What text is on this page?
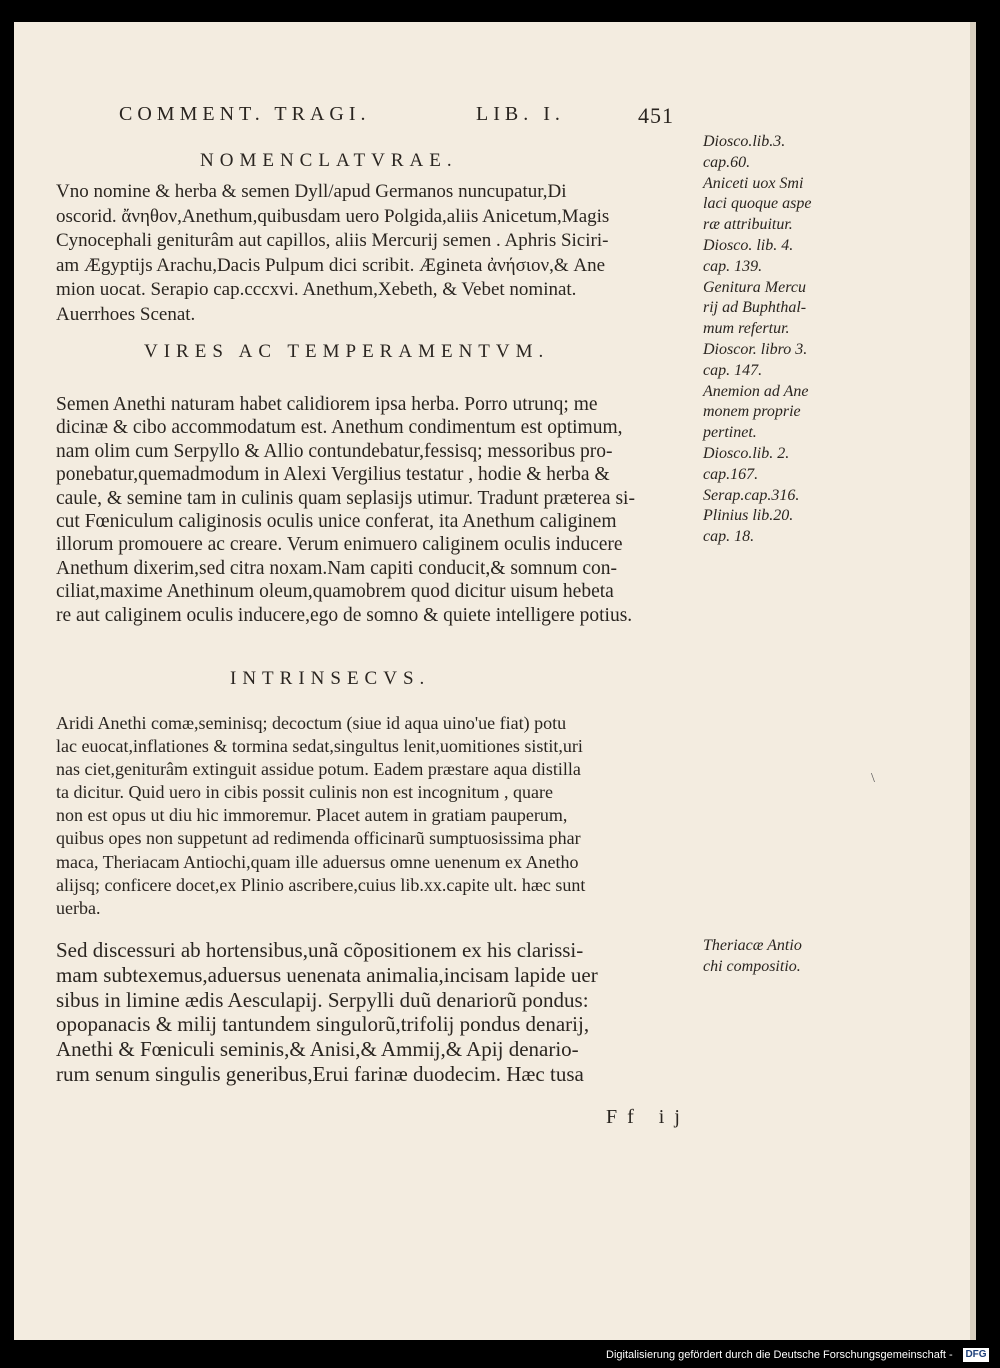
COMMENT. TRAGI.	LIB. I.	451
NOMENCLATVRAE.
Vno nomine & herba & semen Dyll/apud Germanos nuncupatur,Di
oscorid. ἄνηθον,Anethum,quibusdam uero Polgida,aliis Anicetum,Magis
Cynocephali geniturâm aut capillos, aliis Mercurij semen . Aphris Siciri-
am Ægyptijs Arachu,Dacis Pulpum dici scribit. Ægineta ἀνήσιον,& Ane
mion uocat. Serapio cap.cccxvi. Anethum,Xebeth, & Vebet nominat.
Auerrhoes Scenat.
VIRES AC TEMPERAMENTVM.
Semen Anethi naturam habet calidiorem ipsa herba. Porro utrunq; me
dicinæ & cibo accommodatum est. Anethum condimentum est optimum,
nam olim cum Serpyllo & Allio contundebatur,fessisq; messoribus pro-
ponebatur,quemadmodum in Alexi Vergilius testatur , hodie & herba &
caule, & semine tam in culinis quam seplasijs utimur. Tradunt præterea si-
cut Fœniculum caliginosis oculis unice conferat, ita Anethum caliginem
illorum promouere ac creare. Verum enimuero caliginem oculis inducere
Anethum dixerim,sed citra noxam.Nam capiti conducit,& somnum con-
ciliat,maxime Anethinum oleum,quamobrem quod dicitur uisum hebeta
re aut caliginem oculis inducere,ego de somno & quiete intelligere potius.
INTRINSECVS.
Aridi Anethi comæ,seminisq; decoctum (siue id aqua uino'ue fiat) potu
lac euocat,inflationes & tormina sedat,singultus lenit,uomitiones sistit,uri
nas ciet,geniturâm extinguit assidue potum. Eadem præstare aqua distilla
ta dicitur. Quid uero in cibis possit culinis non est incognitum , quare
non est opus ut diu hic immoremur. Placet autem in gratiam pauperum,
quibus opes non suppetunt ad redimenda officinarũ sumptuosissima phar
maca, Theriacam Antiochi,quam ille aduersus omne uenenum ex Anetho
alijsq; conficere docet,ex Plinio ascribere,cuius lib.xx.capite ult. hæc sunt
uerba.
Sed discessuri ab hortensibus,unã cõpositionem ex his clarissi-
mam subtexemus,aduersus uenenata animalia,incisam lapide uer
sibus in limine ædis Aesculapij. Serpylli duũ denariorũ pondus:
opopanacis & milij tantundem singulorũ,trifolij pondus denarij,
Anethi & Fœniculi seminis,& Anisi,& Ammij,& Apij denario-
rum senum singulis generibus,Erui farinæ duodecim. Hæc tusa
Diosco.lib.3.
cap.60.
Aniceti uox Smi
laci quoque aspe
ræ attribuitur.
Diosco. lib. 4.
cap. 139.
Genitura Mercu
rij ad Buphthal-
mum refertur.
Dioscor. libro 3.
cap. 147.
Anemion ad Ane
monem proprie
pertinet.
Diosco.lib. 2.
cap.167.
Serap.cap.316.
Plinius lib.20.
cap. 18.
Theriacæ Antio
chi compositio.
Ff ij
\
Digitalisierung gefördert durch die Deutsche Forschungsgemeinschaft - DFG
